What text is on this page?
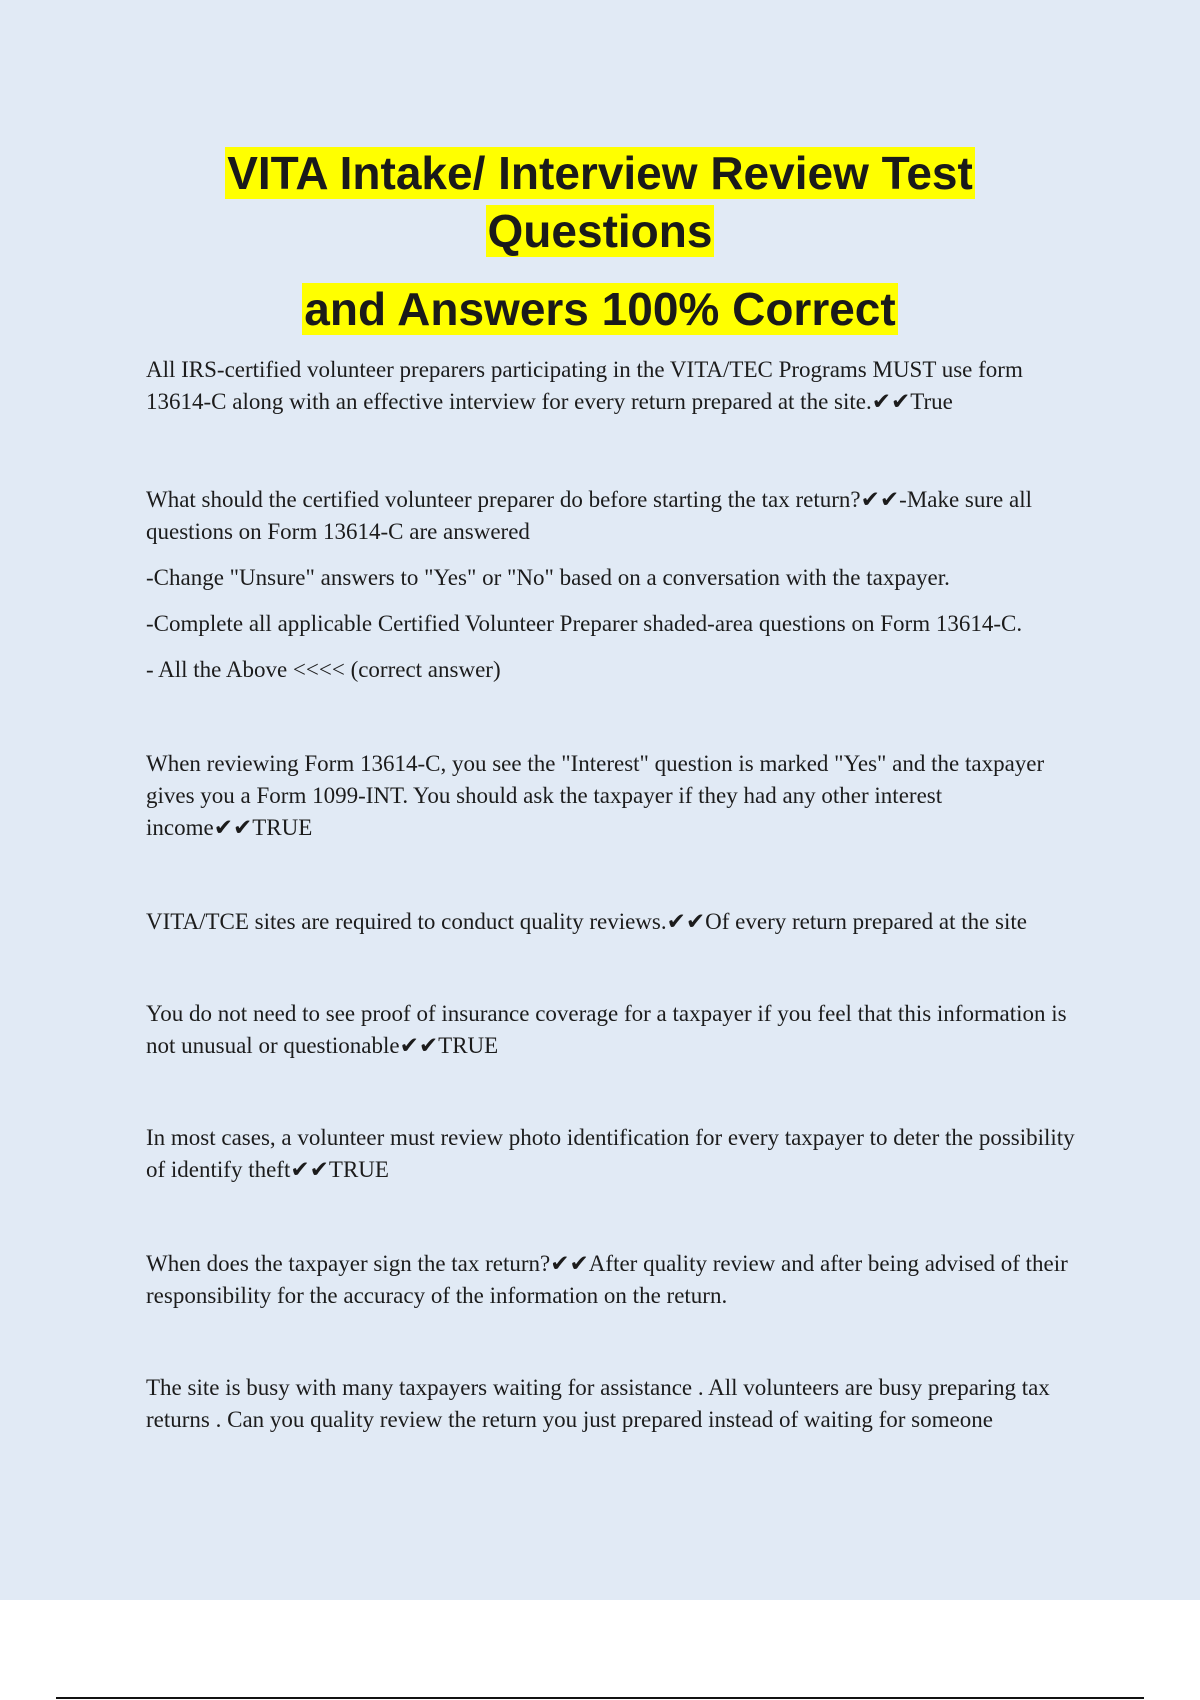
VITA Intake/ Interview Review Test
Questions
and Answers 100% Correct

All IRS-certified volunteer preparers participating in the VITA/TEC Programs MUST use form 13614-C along with an effective interview for every return prepared at the site.✔✔True

What should the certified volunteer preparer do before starting the tax return?✔✔-Make sure all questions on Form 13614-C are answered

-Change "Unsure" answers to "Yes" or "No" based on a conversation with the taxpayer.

-Complete all applicable Certified Volunteer Preparer shaded-area questions on Form 13614-C.

- All the Above <<<< (correct answer)

When reviewing Form 13614-C, you see the "Interest" question is marked "Yes" and the taxpayer gives you a Form 1099-INT. You should ask the taxpayer if they had any other interest income✔✔TRUE

VITA/TCE sites are required to conduct quality reviews.✔✔Of every return prepared at the site

You do not need to see proof of insurance coverage for a taxpayer if you feel that this information is not unusual or questionable✔✔TRUE

In most cases, a volunteer must review photo identification for every taxpayer to deter the possibility of identify theft✔✔TRUE

When does the taxpayer sign the tax return?✔✔After quality review and after being advised of their responsibility for the accuracy of the information on the return.

The site is busy with many taxpayers waiting for assistance . All volunteers are busy preparing tax returns . Can you quality review the return you just prepared instead of waiting for someone
